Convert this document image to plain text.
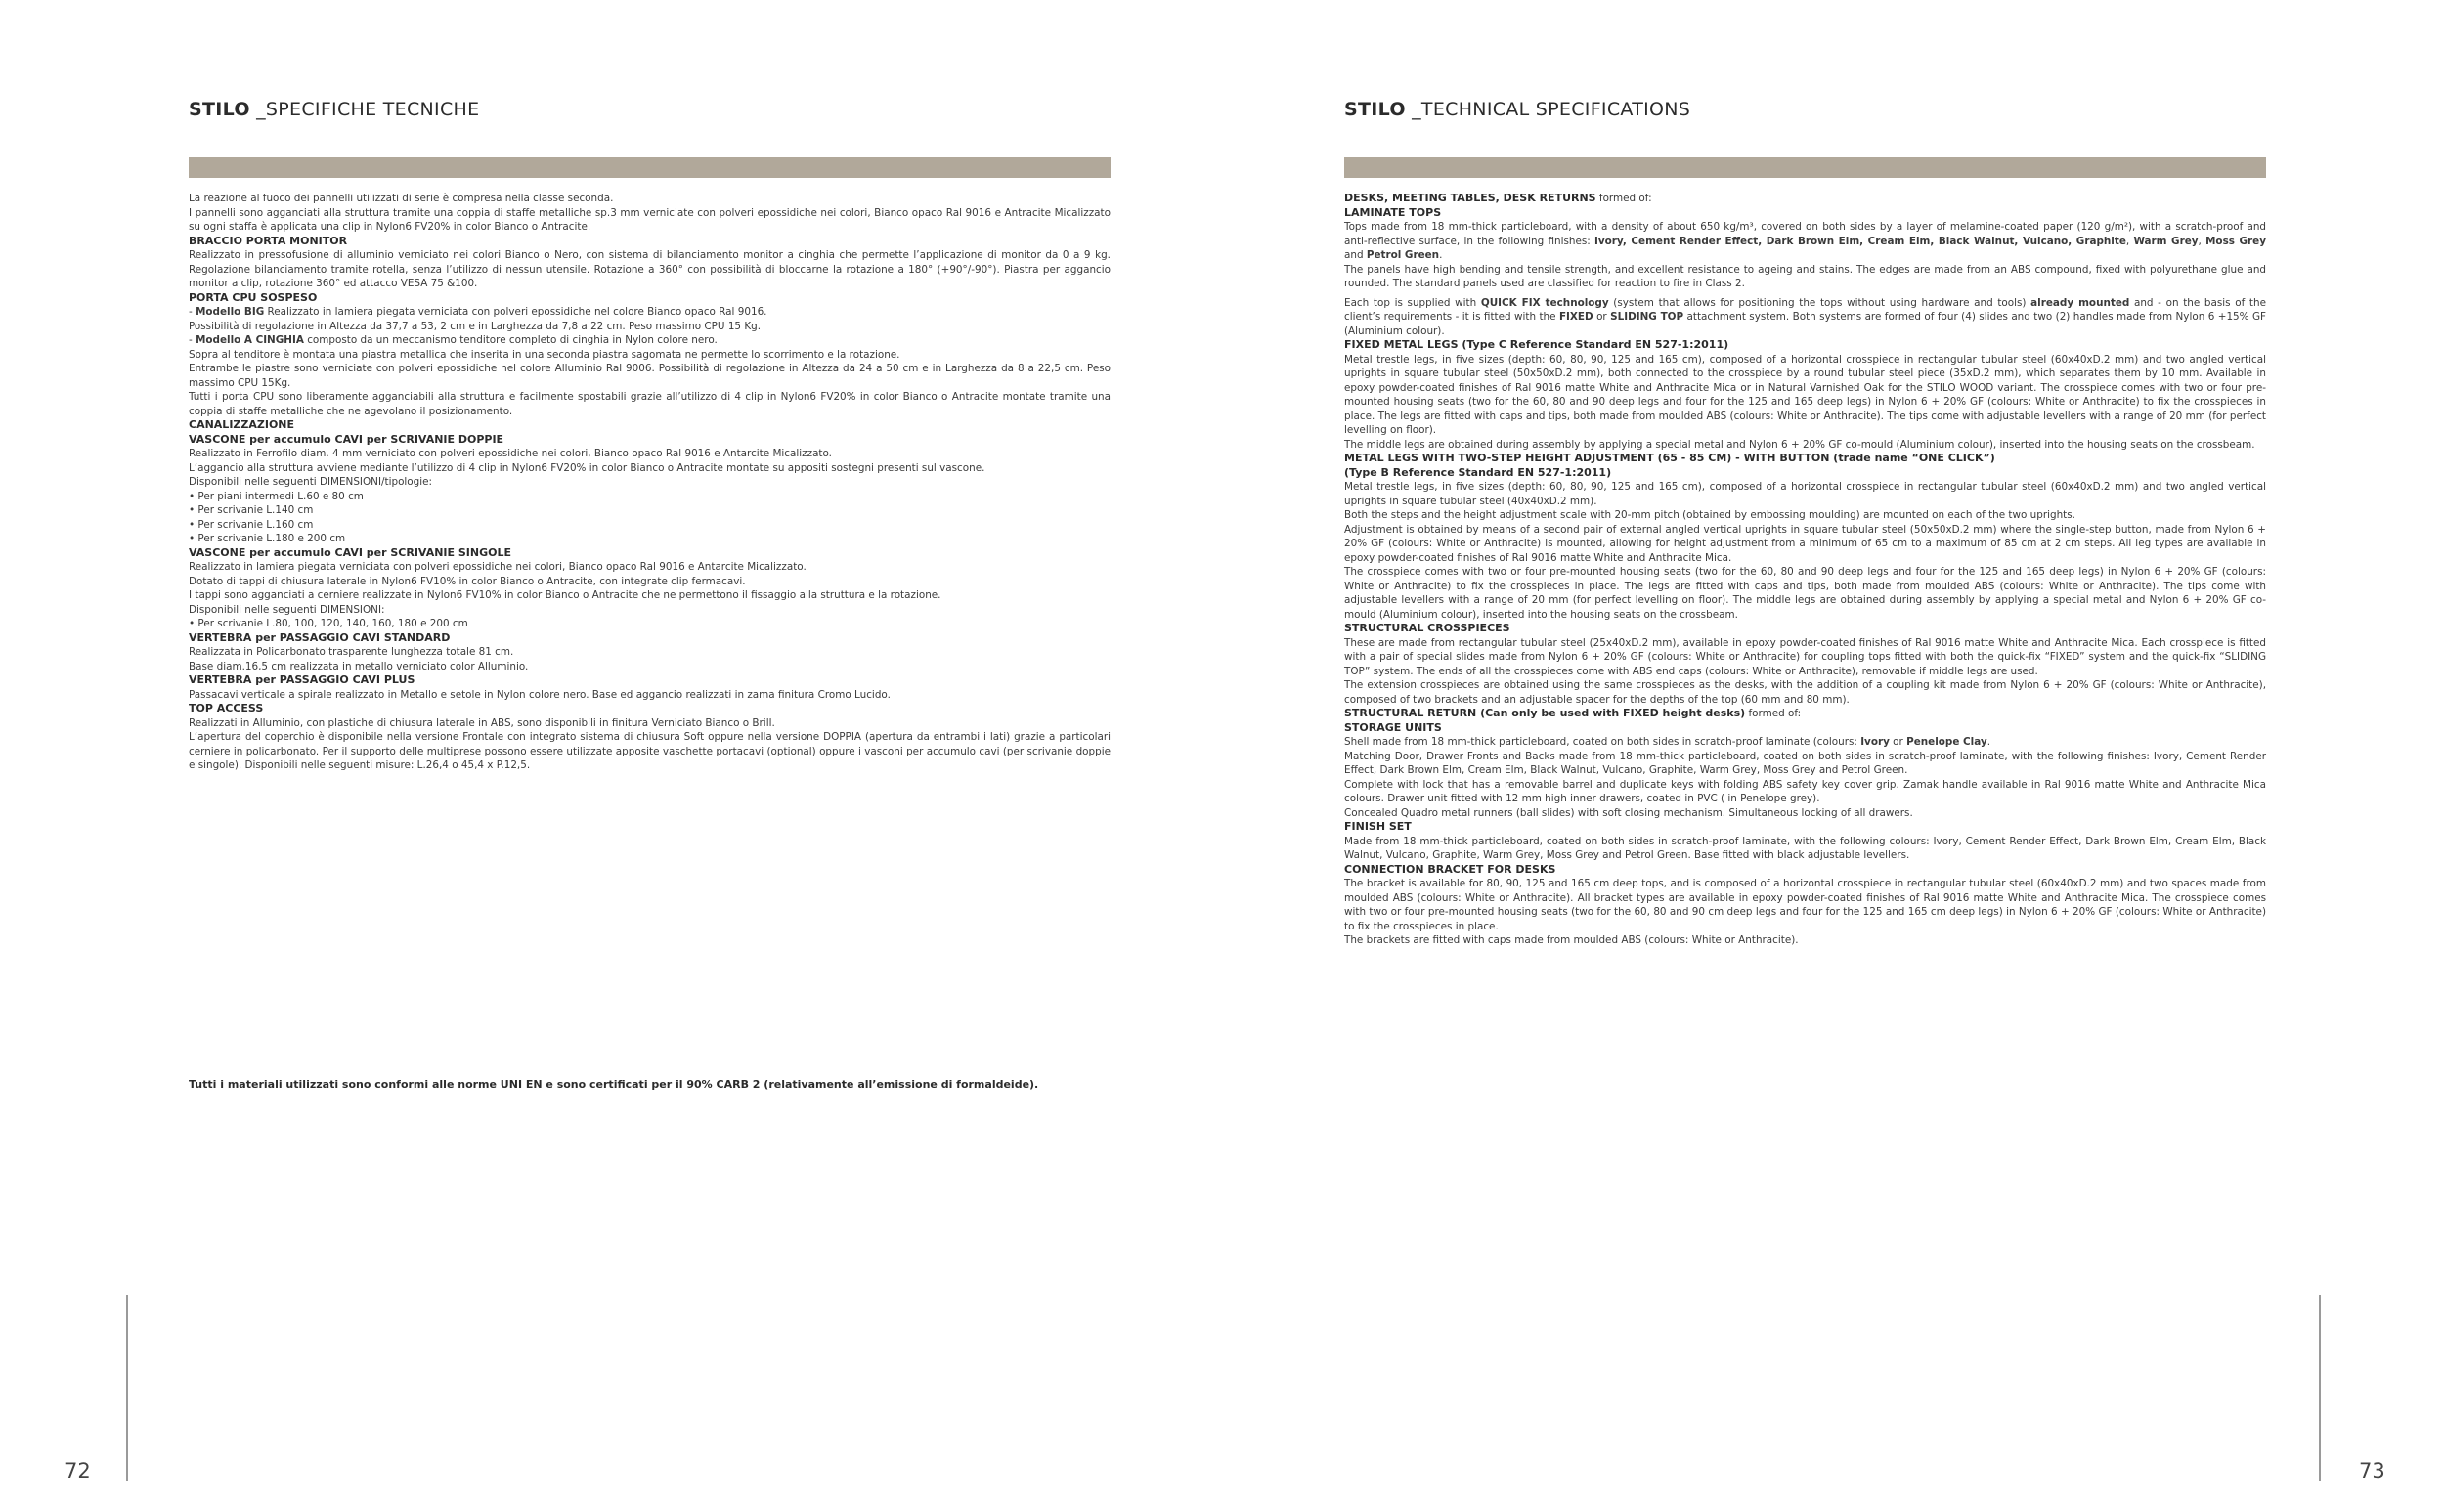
STILO _SPECIFICHE TECNICHE

La reazione al fuoco dei pannelli utilizzati di serie è compresa nella classe seconda.
I pannelli sono agganciati alla struttura tramite una coppia di staffe metalliche sp.3 mm verniciate con polveri epossidiche nei colori, Bianco opaco Ral 9016 e Antracite Micalizzato su ogni staffa è applicata una clip in Nylon6 FV20% in color Bianco o Antracite.

BRACCIO PORTA MONITOR

Realizzato in pressofusione di alluminio verniciato nei colori Bianco o Nero, con sistema di bilanciamento monitor a cinghia che permette l’applicazione di monitor da 0 a 9 kg. Regolazione bilanciamento tramite rotella, senza l’utilizzo di nessun utensile. Rotazione a 360° con possibilità di bloccarne la rotazione a 180° (+90°/-90°). Piastra per aggancio monitor a clip, rotazione 360° ed attacco VESA 75 &100.

PORTA CPU SOSPESO

- Modello BIG Realizzato in lamiera piegata verniciata con polveri epossidiche nel colore Bianco opaco Ral 9016.
Possibilità di regolazione in Altezza da 37,7 a 53, 2 cm e in Larghezza da 7,8 a 22 cm. Peso massimo CPU 15 Kg.

- Modello A CINGHIA composto da un meccanismo tenditore completo di cinghia in Nylon colore nero.
Sopra al tenditore è montata una piastra metallica che inserita in una seconda piastra sagomata ne permette lo scorrimento e la rotazione.
Entrambe le piastre sono verniciate con polveri epossidiche nel colore Alluminio Ral 9006. Possibilità di regolazione in Altezza da 24 a 50 cm e in Larghezza da 8 a 22,5 cm. Peso massimo CPU 15Kg.
Tutti i porta CPU sono liberamente agganciabili alla struttura e facilmente spostabili grazie all’utilizzo di 4 clip in Nylon6 FV20% in color Bianco o Antracite montate tramite una coppia di staffe metalliche che ne agevolano il posizionamento.

CANALIZZAZIONE

VASCONE per accumulo CAVI per SCRIVANIE DOPPIE

Realizzato in Ferrofilo diam. 4 mm verniciato con polveri epossidiche nei colori, Bianco opaco Ral 9016 e Antarcite Micalizzato.
L’aggancio alla struttura avviene mediante l’utilizzo di 4 clip in Nylon6 FV20% in color Bianco o Antracite montate su appositi sostegni presenti sul vascone.
Disponibili nelle seguenti DIMENSIONI/tipologie:

• Per piani intermedi L.60 e 80 cm

• Per scrivanie L.140 cm

• Per scrivanie L.160 cm

• Per scrivanie L.180 e 200 cm

VASCONE per accumulo CAVI per SCRIVANIE SINGOLE

Realizzato in lamiera piegata verniciata con polveri epossidiche nei colori, Bianco opaco Ral 9016 e Antarcite Micalizzato.
Dotato di tappi di chiusura laterale in Nylon6 FV10% in color Bianco o Antracite, con integrate clip fermacavi.
I tappi sono agganciati a cerniere realizzate in Nylon6 FV10% in color Bianco o Antracite che ne permettono il fissaggio alla struttura e la rotazione.
Disponibili nelle seguenti DIMENSIONI:

• Per scrivanie L.80, 100, 120, 140, 160, 180 e 200 cm

VERTEBRA per PASSAGGIO CAVI STANDARD

Realizzata in Policarbonato trasparente lunghezza totale 81 cm.
Base diam.16,5 cm realizzata in metallo verniciato color Alluminio.

VERTEBRA per PASSAGGIO CAVI PLUS

Passacavi verticale a spirale realizzato in Metallo e setole in Nylon colore nero. Base ed aggancio realizzati in zama finitura Cromo Lucido.

TOP ACCESS

Realizzati in Alluminio, con plastiche di chiusura laterale in ABS, sono disponibili in finitura Verniciato Bianco o Brill.
L’apertura del coperchio è disponibile nella versione Frontale con integrato sistema di chiusura Soft oppure nella versione DOPPIA (apertura da entrambi i lati) grazie a particolari cerniere in policarbonato. Per il supporto delle multiprese possono essere utilizzate apposite vaschette portacavi (optional) oppure i vasconi per accumulo cavi (per scrivanie doppie e singole). Disponibili nelle seguenti misure: L.26,4 o 45,4 x P.12,5.

Tutti i materiali utilizzati sono conformi alle norme UNI EN e sono certificati per il 90% CARB 2 (relativamente all’emissione di formaldeide).
72
STILO _TECHNICAL SPECIFICATIONS

DESKS, MEETING TABLES, DESK RETURNS formed of:

LAMINATE TOPS

Tops made from 18 mm-thick particleboard, with a density of about 650 kg/m³, covered on both sides by a layer of melamine-coated paper (120 g/m²), with a scratch-proof and anti-reflective surface, in the following finishes: Ivory, Cement Render Effect, Dark Brown Elm, Cream Elm, Black Walnut, Vulcano, Graphite, Warm Grey, Moss Grey and Petrol Green.

The panels have high bending and tensile strength, and excellent resistance to ageing and stains. The edges are made from an ABS compound, fixed with polyurethane glue and rounded. The standard panels used are classified for reaction to fire in Class 2.

Each top is supplied with QUICK FIX technology (system that allows for positioning the tops without using hardware and tools) already mounted and - on the basis of the client’s requirements - it is fitted with the FIXED or SLIDING TOP attachment system. Both systems are formed of four (4) slides and two (2) handles made from Nylon 6 +15% GF (Aluminium colour).

FIXED METAL LEGS (Type C Reference Standard EN 527-1:2011)

Metal trestle legs, in five sizes (depth: 60, 80, 90, 125 and 165 cm), composed of a horizontal crosspiece in rectangular tubular steel (60x40xD.2 mm) and two angled vertical uprights in square tubular steel (50x50xD.2 mm), both connected to the crosspiece by a round tubular steel piece (35xD.2 mm), which separates them by 10 mm. Available in epoxy powder-coated finishes of Ral 9016 matte White and Anthracite Mica or in Natural Varnished Oak for the STILO WOOD variant. The crosspiece comes with two or four pre-mounted housing seats (two for the 60, 80 and 90 deep legs and four for the 125 and 165 deep legs) in Nylon 6 + 20% GF (colours: White or Anthracite) to fix the crosspieces in place. The legs are fitted with caps and tips, both made from moulded ABS (colours: White or Anthracite). The tips come with adjustable levellers with a range of 20 mm (for perfect levelling on floor).
The middle legs are obtained during assembly by applying a special metal and Nylon 6 + 20% GF co-mould (Aluminium colour), inserted into the housing seats on the crossbeam.

METAL LEGS WITH TWO-STEP HEIGHT ADJUSTMENT (65 - 85 CM) - WITH BUTTON (trade name “ONE CLICK”)
(Type B Reference Standard EN 527-1:2011)

Metal trestle legs, in five sizes (depth: 60, 80, 90, 125 and 165 cm), composed of a horizontal crosspiece in rectangular tubular steel (60x40xD.2 mm) and two angled vertical uprights in square tubular steel (40x40xD.2 mm).
Both the steps and the height adjustment scale with 20-mm pitch (obtained by embossing moulding) are mounted on each of the two uprights.
Adjustment is obtained by means of a second pair of external angled vertical uprights in square tubular steel (50x50xD.2 mm) where the single-step button, made from Nylon 6 + 20% GF (colours: White or Anthracite) is mounted, allowing for height adjustment from a minimum of 65 cm to a maximum of 85 cm at 2 cm steps. All leg types are available in epoxy powder-coated finishes of Ral 9016 matte White and Anthracite Mica.
The crosspiece comes with two or four pre-mounted housing seats (two for the 60, 80 and 90 deep legs and four for the 125 and 165 deep legs) in Nylon 6 + 20% GF (colours: White or Anthracite) to fix the crosspieces in place. The legs are fitted with caps and tips, both made from moulded ABS (colours: White or Anthracite). The tips come with adjustable levellers with a range of 20 mm (for perfect levelling on floor). The middle legs are obtained during assembly by applying a special metal and Nylon 6 + 20% GF co-mould (Aluminium colour), inserted into the housing seats on the crossbeam.

STRUCTURAL CROSSPIECES

These are made from rectangular tubular steel (25x40xD.2 mm), available in epoxy powder-coated finishes of Ral 9016 matte White and Anthracite Mica. Each crosspiece is fitted with a pair of special slides made from Nylon 6 + 20% GF (colours: White or Anthracite) for coupling tops fitted with both the quick-fix “FIXED” system and the quick-fix “SLIDING TOP” system. The ends of all the crosspieces come with ABS end caps (colours: White or Anthracite), removable if middle legs are used.
The extension crosspieces are obtained using the same crosspieces as the desks, with the addition of a coupling kit made from Nylon 6 + 20% GF (colours: White or Anthracite), composed of two brackets and an adjustable spacer for the depths of the top (60 mm and 80 mm).

STRUCTURAL RETURN (Can only be used with FIXED height desks) formed of:

STORAGE UNITS

Shell made from 18 mm-thick particleboard, coated on both sides in scratch-proof laminate (colours: Ivory or Penelope Clay.
Matching Door, Drawer Fronts and Backs made from 18 mm-thick particleboard, coated on both sides in scratch-proof laminate, with the following finishes: Ivory, Cement Render Effect, Dark Brown Elm, Cream Elm, Black Walnut, Vulcano, Graphite, Warm Grey, Moss Grey and Petrol Green.
Complete with lock that has a removable barrel and duplicate keys with folding ABS safety key cover grip. Zamak handle available in Ral 9016 matte White and Anthracite Mica colours. Drawer unit fitted with 12 mm high inner drawers, coated in PVC ( in Penelope grey).
Concealed Quadro metal runners (ball slides) with soft closing mechanism. Simultaneous locking of all drawers.

FINISH SET

Made from 18 mm-thick particleboard, coated on both sides in scratch-proof laminate, with the following colours: Ivory, Cement Render Effect, Dark Brown Elm, Cream Elm, Black Walnut, Vulcano, Graphite, Warm Grey, Moss Grey and Petrol Green. Base fitted with black adjustable levellers.

CONNECTION BRACKET FOR DESKS

The bracket is available for 80, 90, 125 and 165 cm deep tops, and is composed of a horizontal crosspiece in rectangular tubular steel (60x40xD.2 mm) and two spaces made from moulded ABS (colours: White or Anthracite). All bracket types are available in epoxy powder-coated finishes of Ral 9016 matte White and Anthracite Mica. The crosspiece comes with two or four pre-mounted housing seats (two for the 60, 80 and 90 cm deep legs and four for the 125 and 165 cm deep legs) in Nylon 6 + 20% GF (colours: White or Anthracite) to fix the crosspieces in place.
The brackets are fitted with caps made from moulded ABS (colours: White or Anthracite).

73
